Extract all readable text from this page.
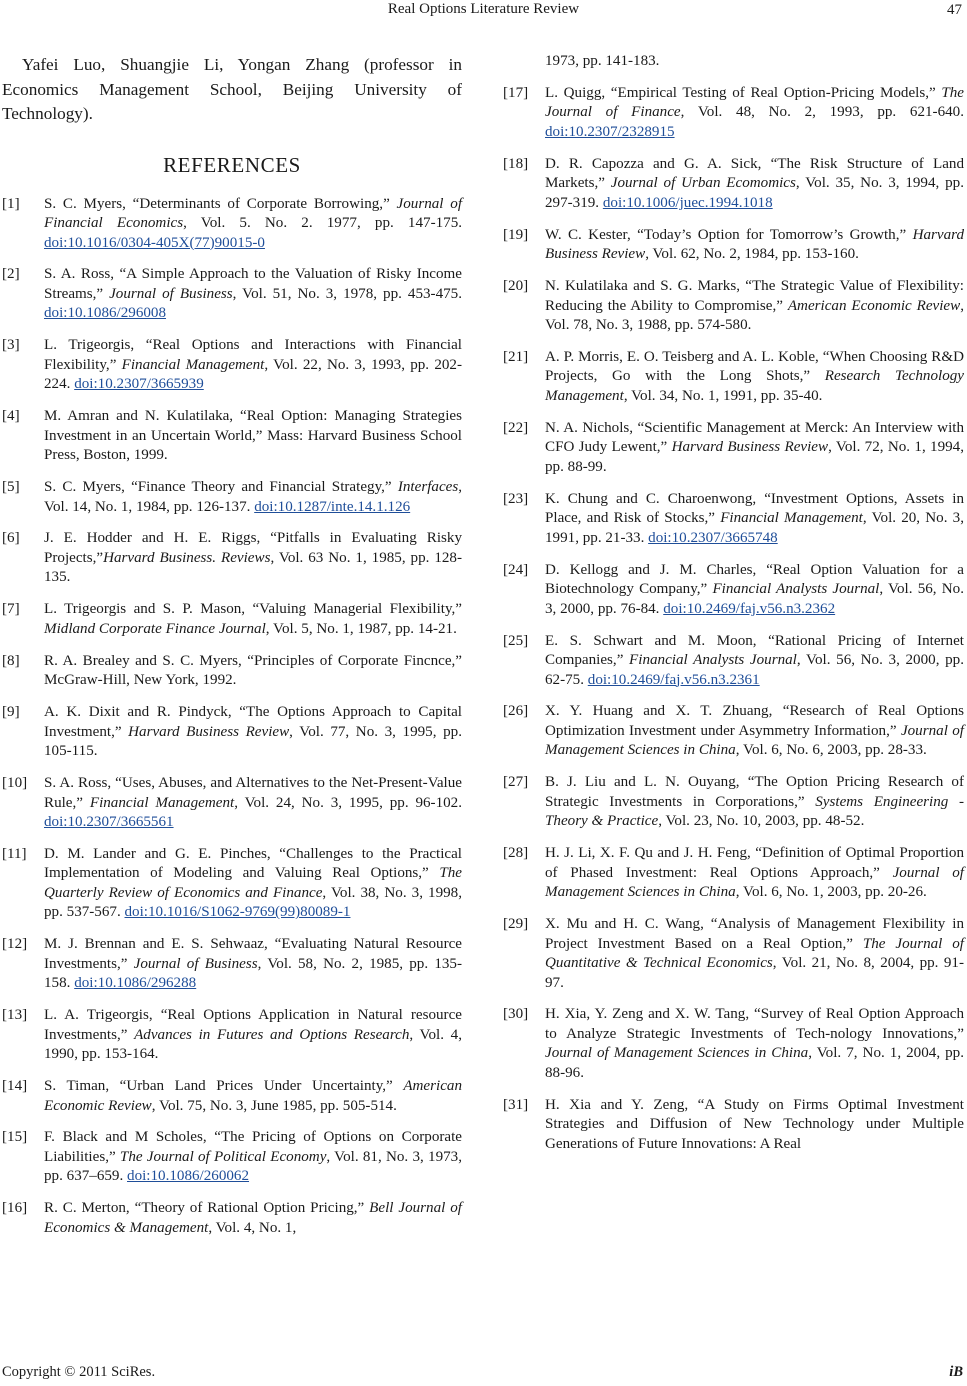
Real Options Literature Review	47

Yafei Luo, Shuangjie Li, Yongan Zhang (professor in Economics Management School, Beijing University of Technology).

REFERENCES
[1]	S. C. Myers, “Determinants of Corporate Borrowing,” Journal of Financial Economics, Vol. 5. No. 2. 1977, pp. 147-175. doi:10.1016/0304-405X(77)90015-0
[2]	S. A. Ross, “A Simple Approach to the Valuation of Risky Income Streams,” Journal of Business, Vol. 51, No. 3, 1978, pp. 453-475. doi:10.1086/296008
[3]	L. Trigeorgis, “Real Options and Interactions with Financial Flexibility,” Financial Management, Vol. 22, No. 3, 1993, pp. 202-224. doi:10.2307/3665939
[4]	M. Amran and N. Kulatilaka, “Real Option: Managing Strategies Investment in an Uncertain World,” Mass: Harvard Business School Press, Boston, 1999.
[5]	S. C. Myers, “Finance Theory and Financial Strategy,” Interfaces, Vol. 14, No. 1, 1984, pp. 126-137. doi:10.1287/inte.14.1.126
[6]	J. E. Hodder and H. E. Riggs, “Pitfalls in Evaluating Risky Projects,”Harvard Business. Reviews, Vol. 63 No. 1, 1985, pp. 128-135.
[7]	L. Trigeorgis and S. P. Mason, “Valuing Managerial Flexibility,” Midland Corporate Finance Journal, Vol. 5, No. 1, 1987, pp. 14-21.
[8]	R. A. Brealey and S. C. Myers, “Principles of Corporate Fincnce,” McGraw-Hill, New York, 1992.
[9]	A. K. Dixit and R. Pindyck, “The Options Approach to Capital Investment,” Harvard Business Review, Vol. 77, No. 3, 1995, pp. 105-115.
[10]	S. A. Ross, “Uses, Abuses, and Alternatives to the Net-Present-Value Rule,” Financial Management, Vol. 24, No. 3, 1995, pp. 96-102. doi:10.2307/3665561
[11]	D. M. Lander and G. E. Pinches, “Challenges to the Practical Implementation of Modeling and Valuing Real Options,” The Quarterly Review of Economics and Finance, Vol. 38, No. 3, 1998, pp. 537-567. doi:10.1016/S1062-9769(99)80089-1
[12]	M. J. Brennan and E. S. Sehwaaz, “Evaluating Natural Resource Investments,” Journal of Business, Vol. 58, No. 2, 1985, pp. 135-158. doi:10.1086/296288
[13]	L. A. Trigeorgis, “Real Options Application in Natural resource Investments,” Advances in Futures and Options Research, Vol. 4, 1990, pp. 153-164.
[14]	S. Timan, “Urban Land Prices Under Uncertainty,” American Economic Review, Vol. 75, No. 3, June 1985, pp. 505-514.
[15]	F. Black and M Scholes, “The Pricing of Options on Corporate Liabilities,” The Journal of Political Economy, Vol. 81, No. 3, 1973, pp. 637–659. doi:10.1086/260062
[16]	R. C. Merton, “Theory of Rational Option Pricing,” Bell Journal of Economics & Management, Vol. 4, No. 1,
1973, pp. 141-183.
[17]	L. Quigg, “Empirical Testing of Real Option-Pricing Models,” The Journal of Finance, Vol. 48, No. 2, 1993, pp. 621-640. doi:10.2307/2328915
[18]	D. R. Capozza and G. A. Sick, “The Risk Structure of Land Markets,” Journal of Urban Ecomomics, Vol. 35, No. 3, 1994, pp. 297-319. doi:10.1006/juec.1994.1018
[19]	W. C. Kester, “Today’s Option for Tomorrow’s Growth,” Harvard Business Review, Vol. 62, No. 2, 1984, pp. 153-160.
[20]	N. Kulatilaka and S. G. Marks, “The Strategic Value of Flexibility: Reducing the Ability to Compromise,” American Economic Review, Vol. 78, No. 3, 1988, pp. 574-580.
[21]	A. P. Morris, E. O. Teisberg and A. L. Koble, “When Choosing R&D Projects, Go with the Long Shots,” Research Technology Management, Vol. 34, No. 1, 1991, pp. 35-40.
[22]	N. A. Nichols, “Scientific Management at Merck: An Interview with CFO Judy Lewent,” Harvard Business Review, Vol. 72, No. 1, 1994, pp. 88-99.
[23]	K. Chung and C. Charoenwong, “Investment Options, Assets in Place, and Risk of Stocks,” Financial Management, Vol. 20, No. 3, 1991, pp. 21-33. doi:10.2307/3665748
[24]	D. Kellogg and J. M. Charles, “Real Option Valuation for a Biotechnology Company,” Financial Analysts Journal, Vol. 56, No. 3, 2000, pp. 76-84. doi:10.2469/faj.v56.n3.2362
[25]	E. S. Schwart and M. Moon, “Rational Pricing of Internet Companies,” Financial Analysts Journal, Vol. 56, No. 3, 2000, pp. 62-75. doi:10.2469/faj.v56.n3.2361
[26]	X. Y. Huang and X. T. Zhuang, “Research of Real Options Optimization Investment under Asymmetry Information,” Journal of Management Sciences in China, Vol. 6, No. 6, 2003, pp. 28-33.
[27]	B. J. Liu and L. N. Ouyang, “The Option Pricing Research of Strategic Investments in Corporations,” Systems Engineering - Theory & Practice, Vol. 23, No. 10, 2003, pp. 48-52.
[28]	H. J. Li, X. F. Qu and J. H. Feng, “Definition of Optimal Proportion of Phased Investment: Real Options Approach,” Journal of Management Sciences in China, Vol. 6, No. 1, 2003, pp. 20-26.
[29]	X. Mu and H. C. Wang, “Analysis of Management Flexibility in Project Investment Based on a Real Option,” The Journal of Quantitative & Technical Economics, Vol. 21, No. 8, 2004, pp. 91-97.
[30]	H. Xia, Y. Zeng and X. W. Tang, “Survey of Real Option Approach to Analyze Strategic Investments of Tech-nology Innovations,” Journal of Management Sciences in China, Vol. 7, No. 1, 2004, pp. 88-96.
[31]	H. Xia and Y. Zeng, “A Study on Firms Optimal Investment Strategies and Diffusion of New Technology under Multiple Generations of Future Innovations: A Real
Copyright © 2011 SciRes.	iB
